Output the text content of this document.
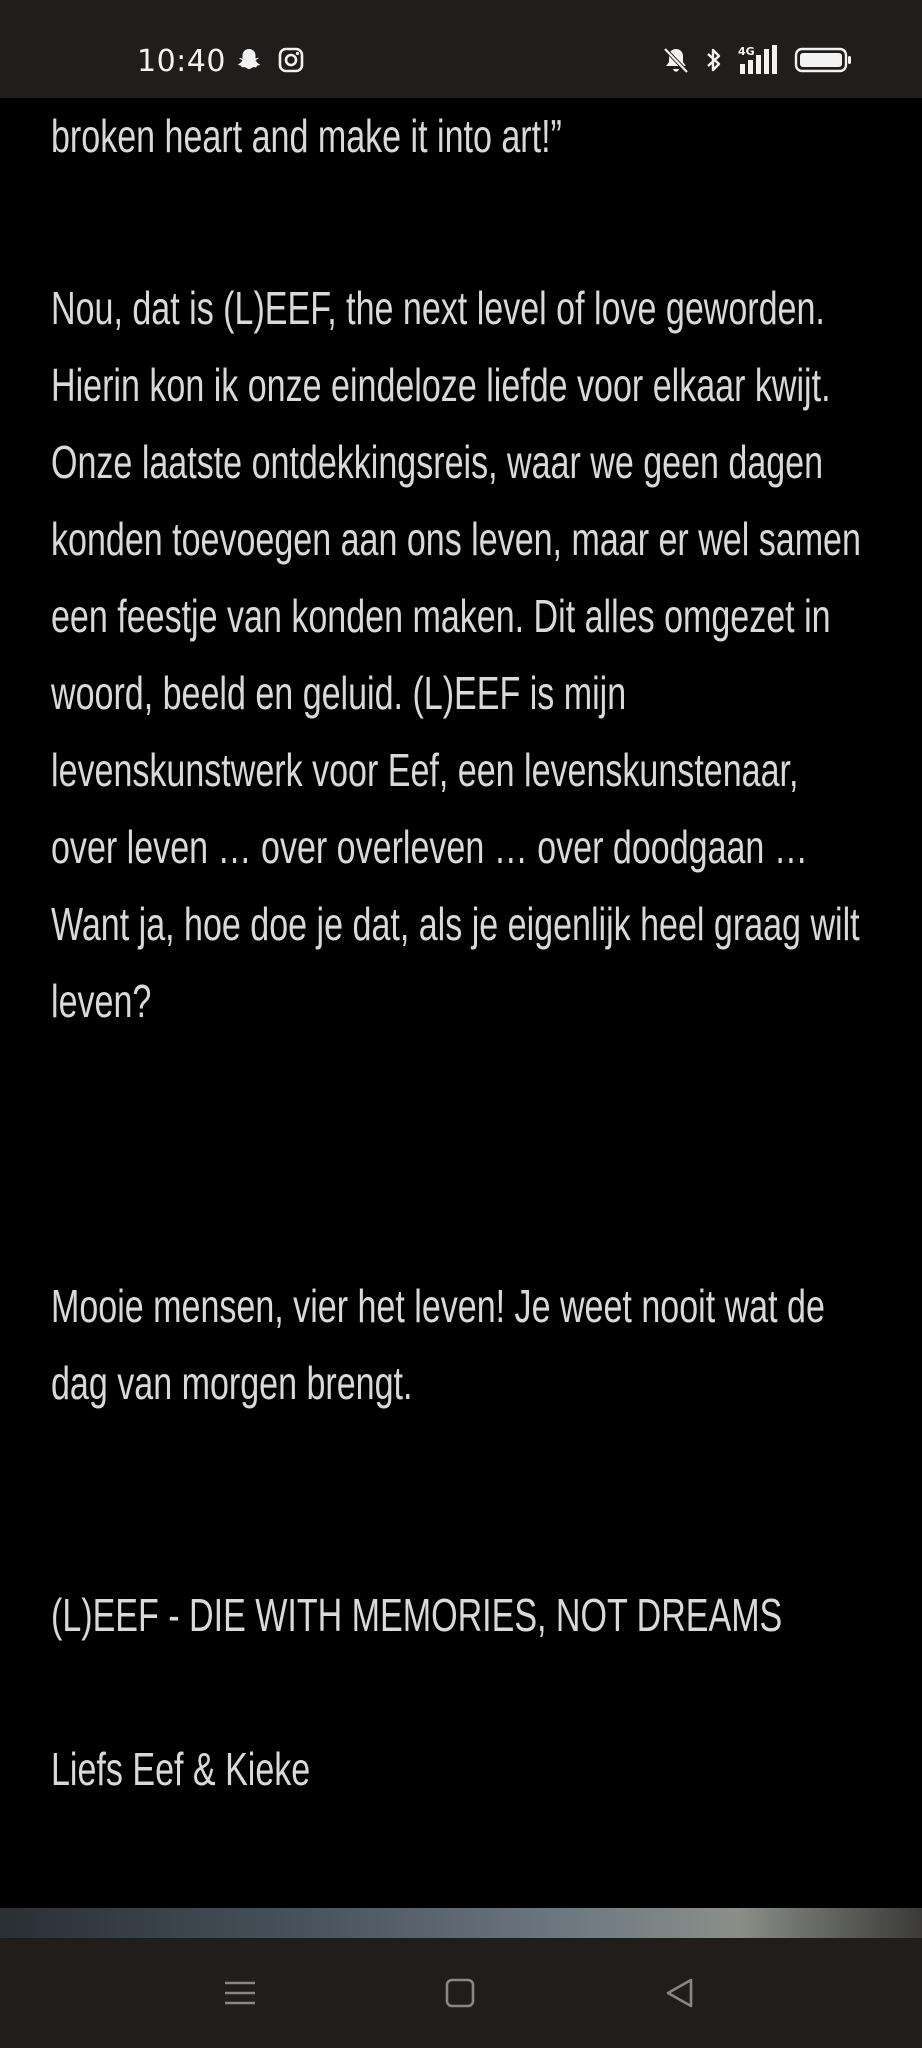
10:40	4G

broken heart and make it into art!”

Nou, dat is (L)EEF, the next level of love geworden. Hierin kon ik onze eindeloze liefde voor elkaar kwijt. Onze laatste ontdekkingsreis, waar we geen dagen konden toevoegen aan ons leven, maar er wel samen een feestje van konden maken. Dit alles omgezet in woord, beeld en geluid. (L)EEF is mijn levenskunstwerk voor Eef, een levenskunstenaar, over leven … over overleven … over doodgaan … Want ja, hoe doe je dat, als je eigenlijk heel graag wilt leven?

Mooie mensen, vier het leven! Je weet nooit wat de dag van morgen brengt.

(L)EEF - DIE WITH MEMORIES, NOT DREAMS

Liefs Eef & Kieke
